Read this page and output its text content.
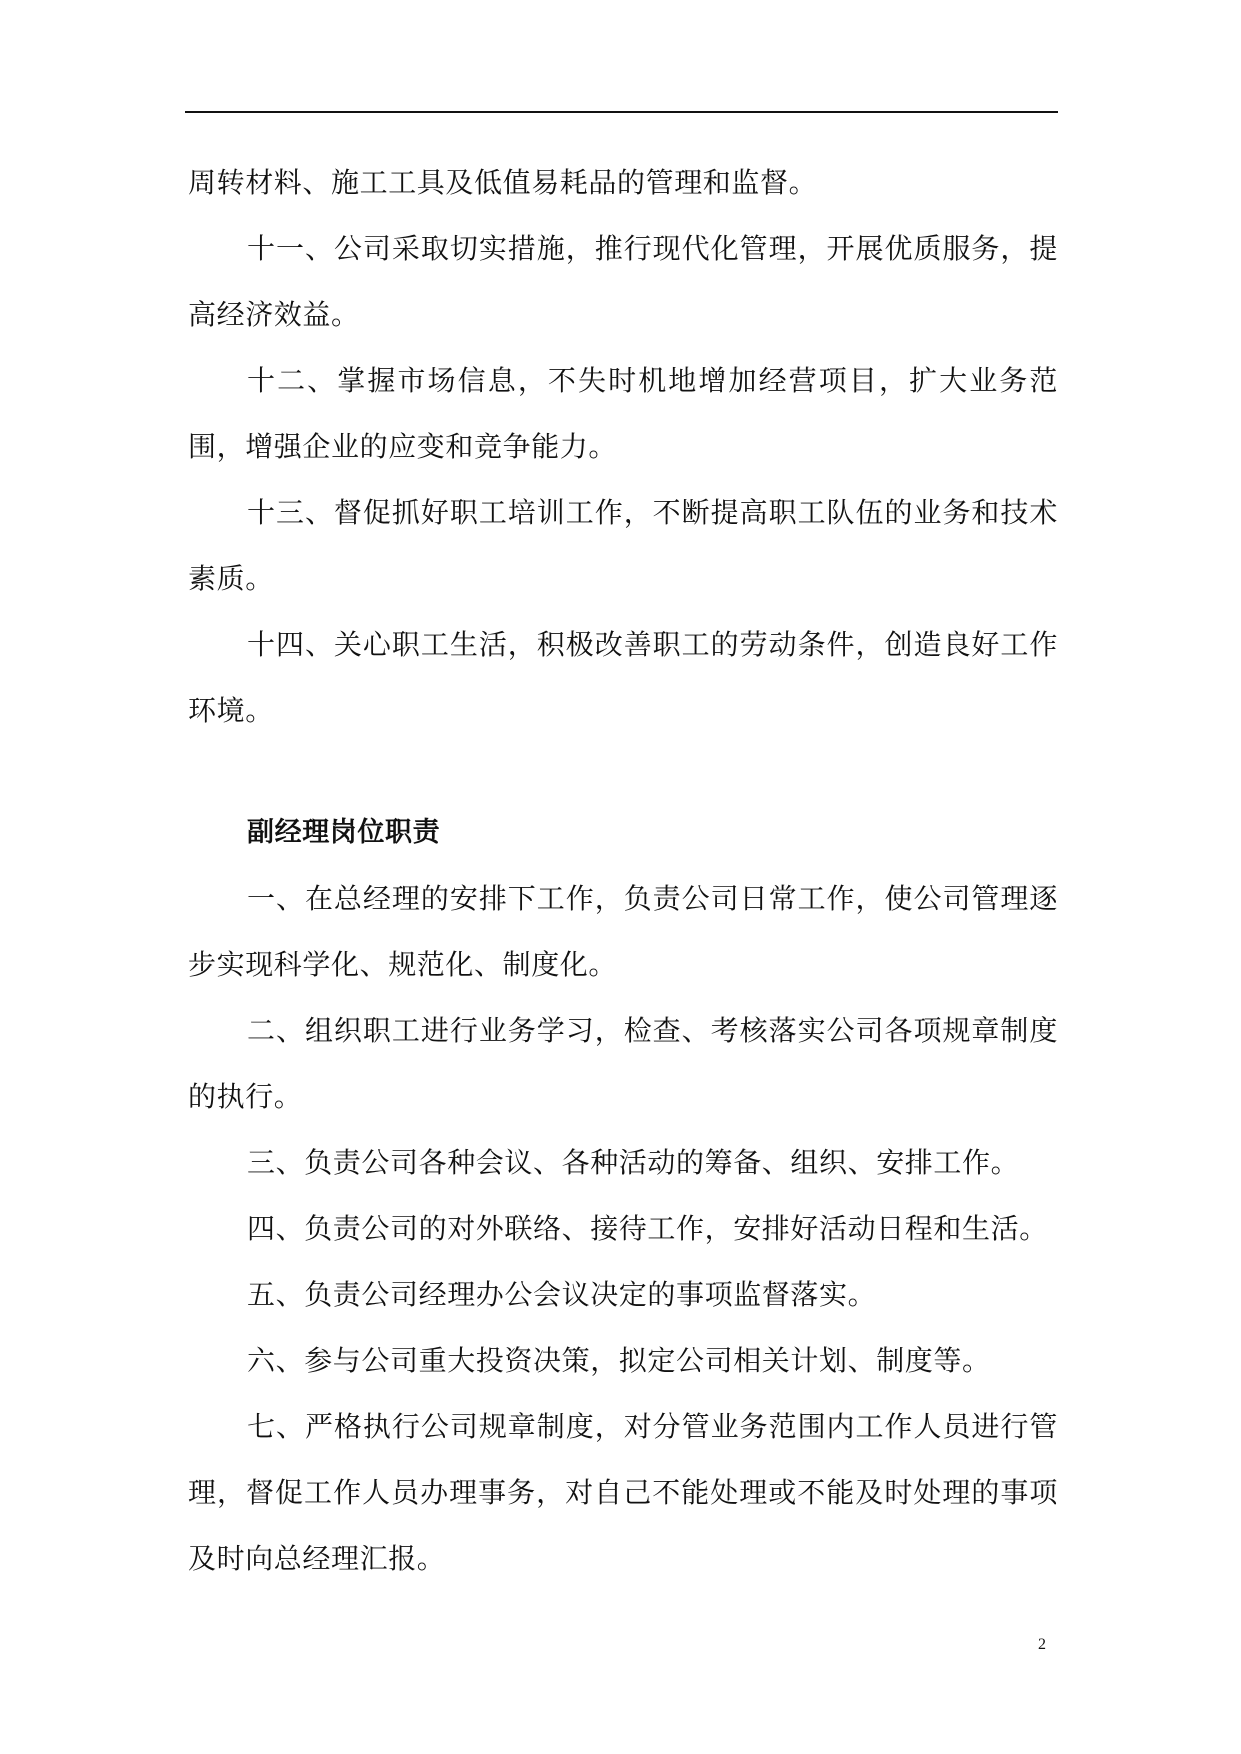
周转材料、施工工具及低值易耗品的管理和监督。

十一、公司采取切实措施，推行现代化管理，开展优质服务，提高经济效益。

十二、掌握市场信息，不失时机地增加经营项目，扩大业务范围，增强企业的应变和竞争能力。

十三、督促抓好职工培训工作，不断提高职工队伍的业务和技术素质。

十四、关心职工生活，积极改善职工的劳动条件，创造良好工作环境。

副经理岗位职责

一、在总经理的安排下工作，负责公司日常工作，使公司管理逐步实现科学化、规范化、制度化。

二、组织职工进行业务学习，检查、考核落实公司各项规章制度的执行。

三、负责公司各种会议、各种活动的筹备、组织、安排工作。

四、负责公司的对外联络、接待工作，安排好活动日程和生活。

五、负责公司经理办公会议决定的事项监督落实。

六、参与公司重大投资决策，拟定公司相关计划、制度等。

七、严格执行公司规章制度，对分管业务范围内工作人员进行管理，督促工作人员办理事务，对自己不能处理或不能及时处理的事项及时向总经理汇报。

2
